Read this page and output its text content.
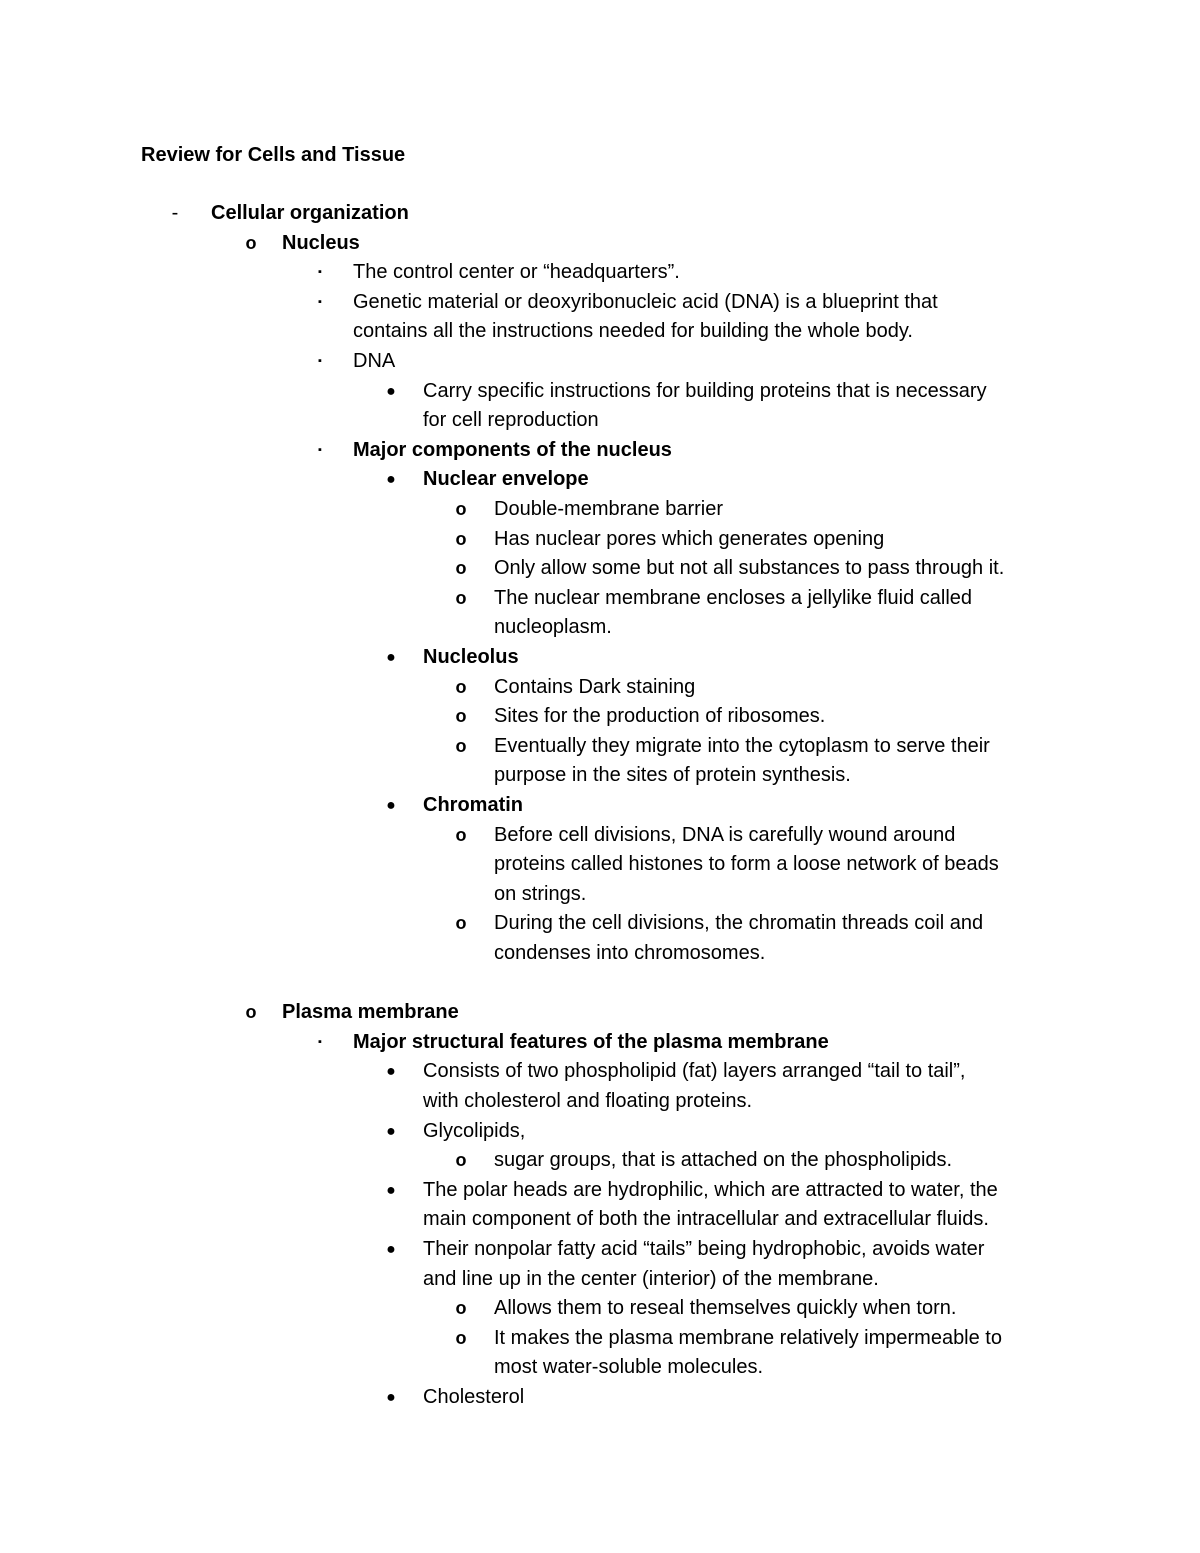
Review for Cells and Tissue
-	Cellular organization
o Nucleus
▪	The control center or “headquarters”.
▪	Genetic material or deoxyribonucleic acid (DNA) is a blueprint that
contains all the instructions needed for building the whole body.
▪	DNA
● Carry specific instructions for building proteins that is necessary
for cell reproduction
▪	Major components of the nucleus
● Nuclear envelope
o Double-membrane barrier
o Has nuclear pores which generates opening
o Only allow some but not all substances to pass through it.
o The nuclear membrane encloses a jellylike fluid called
nucleoplasm.
● Nucleolus
o Contains Dark staining
o Sites for the production of ribosomes.
o Eventually they migrate into the cytoplasm to serve their
purpose in the sites of protein synthesis.
● Chromatin
o Before cell divisions, DNA is carefully wound around
proteins called histones to form a loose network of beads
on strings.
o During the cell divisions, the chromatin threads coil and
condenses into chromosomes.
o Plasma membrane
▪	Major structural features of the plasma membrane
● Consists of two phospholipid (fat) layers arranged “tail to tail”,
with cholesterol and floating proteins.
● Glycolipids,
o sugar groups, that is attached on the phospholipids.
● The polar heads are hydrophilic, which are attracted to water, the
main component of both the intracellular and extracellular fluids.
● Their nonpolar fatty acid “tails” being hydrophobic, avoids water
and line up in the center (interior) of the membrane.
o Allows them to reseal themselves quickly when torn.
o It makes the plasma membrane relatively impermeable to
most water-soluble molecules.
● Cholesterol
